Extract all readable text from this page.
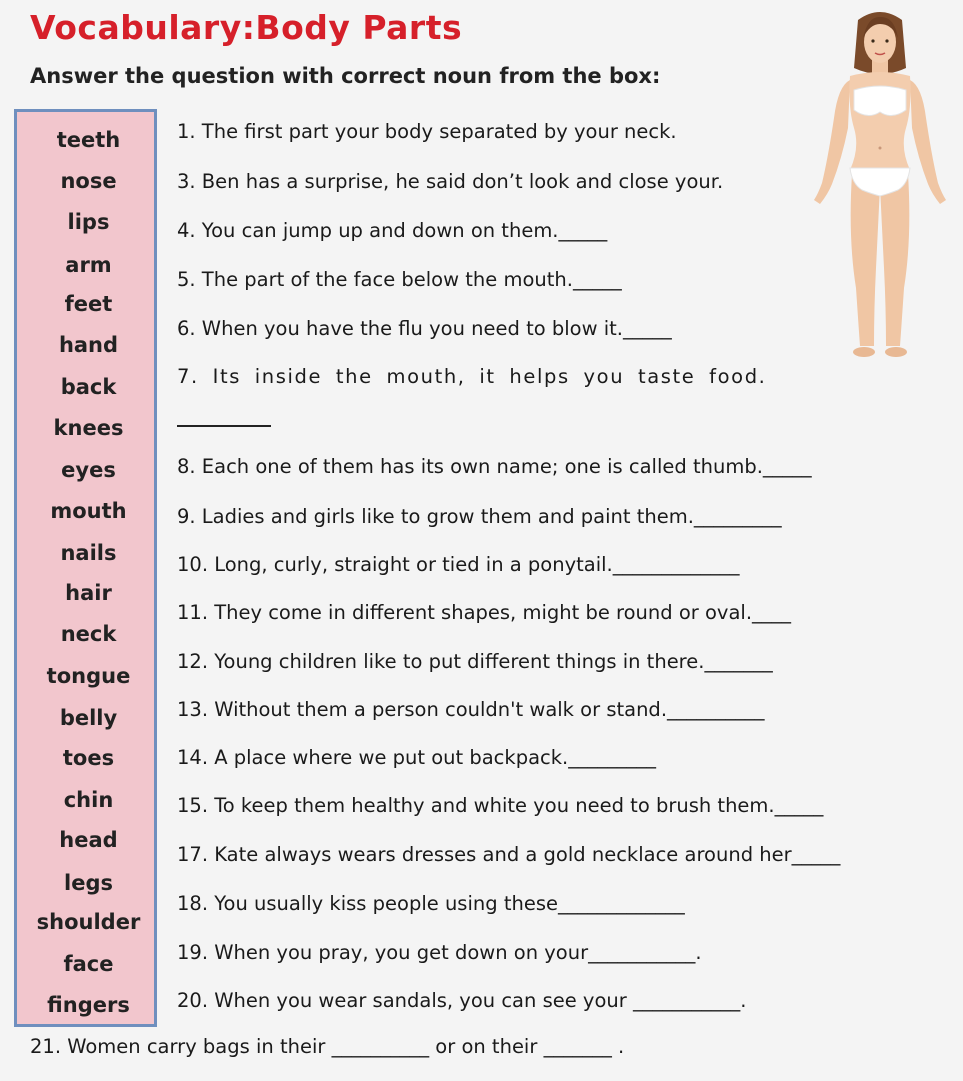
Vocabulary:Body Parts
Answer the question with correct noun from the box:
teeth
nose
lips
arm
feet
hand
back
knees
eyes
mouth
nails
hair
neck
tongue
belly
toes
chin
head
legs
shoulder
face
fingers
1. The first part your body separated by your neck.
3. Ben has a surprise, he said don’t look and close your.
4. You can jump up and down on them._____
5. The part of the face below the mouth._____
6. When you have the flu you need to blow it._____
7. Its inside the mouth, it helps you taste food.
8. Each one of them has its own name; one is called thumb._____
9. Ladies and girls like to grow them and paint them._________
10. Long, curly, straight or tied in a ponytail._____________
11. They come in different shapes, might be round or oval.____
12. Young children like to put different things in there._______
13. Without them a person couldn't walk or stand.__________
14. A place where we put out backpack._________
15. To keep them healthy and white you need to brush them._____
17. Kate always wears dresses and a gold necklace around her_____
18. You usually kiss people using these_____________
19. When you pray, you get down on your___________.
20. When you wear sandals, you can see your ___________.
21. Women carry bags in their __________ or on their _______ .
